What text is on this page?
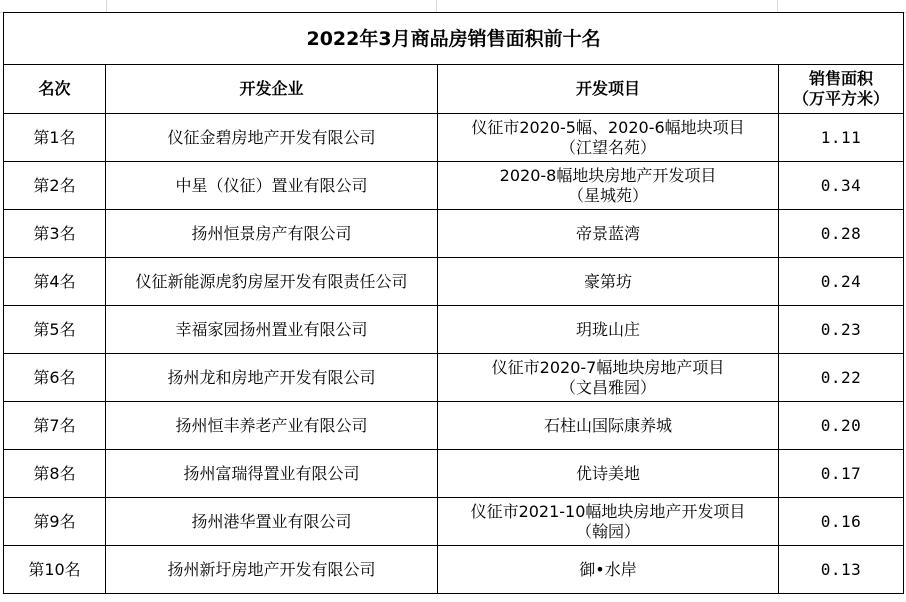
2022年3月商品房销售面积前十名			
名次	开发企业	开发项目	销售面积
（万平方米）

第1名	仪征金碧房地产开发有限公司	仪征市2020-5幅、2020-6幅地块项目
（江望名苑）	1.11
第2名	中星（仪征）置业有限公司	2020-8幅地块房地产开发项目
（星城苑）	0.34
第3名	扬州恒景房产有限公司	帝景蓝湾	0.28
第4名	仪征新能源虎豹房屋开发有限责任公司	豪第坊	0.24
第5名	幸福家园扬州置业有限公司	玥珑山庄	0.23
第6名	扬州龙和房地产开发有限公司	仪征市2020-7幅地块房地产项目
（文昌雅园）	0.22
第7名	扬州恒丰养老产业有限公司	石柱山国际康养城	0.20
第8名	扬州富瑞得置业有限公司	优诗美地	0.17
第9名	扬州港华置业有限公司	仪征市2021-10幅地块房地产开发项目
（翰园）	0.16
第10名	扬州新圩房地产开发有限公司	御•水岸	0.13
